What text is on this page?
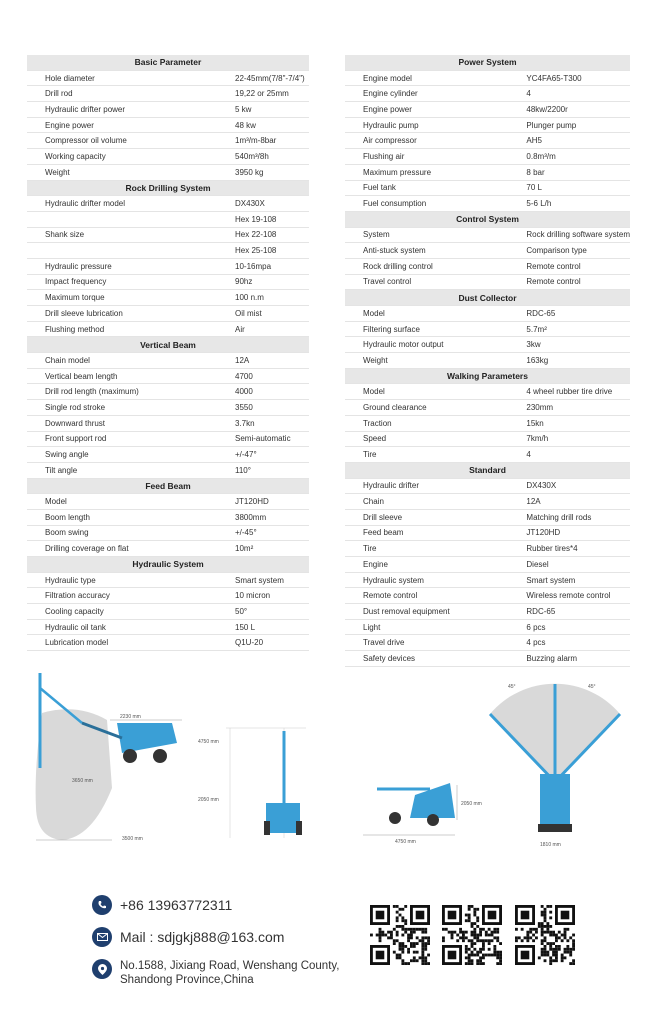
Basic Parameter	
Hole diameter	22-45mm(7/8"-7/4")
Drill rod	19,22 or 25mm
Hydraulic drifter power	5 kw
Engine power	48 kw
Compressor oil volume	1m³/m-8bar
Working capacity	540m³/8h
Weight	3950 kg
Rock Drilling System	
Hydraulic drifter model	DX430X
	Hex 19-108
Shank size	Hex 22-108
	Hex 25-108
Hydraulic pressure	10-16mpa
Impact frequency	90hz
Maximum torque	100 n.m
Drill sleeve lubrication	Oil mist
Flushing method	Air
Vertical Beam	
Chain model	12A
Vertical beam length	4700
Drill rod length (maximum)	4000
Single rod stroke	3550
Downward thrust	3.7kn
Front support rod	Semi-automatic
Swing angle	+/-47°
Tilt angle	110°
Feed Beam	
Model	JT120HD
Boom length	3800mm
Boom swing	+/-45°
Drilling coverage on flat	10m²
Hydraulic System	
Hydraulic type	Smart system
Filtration accuracy	10 micron
Cooling capacity	50°
Hydraulic oil tank	150 L
Lubrication model	Q1U-20
Power System	
Engine model	YC4FA65-T300
Engine cylinder	4
Engine power	48kw/2200r
Hydraulic pump	Plunger pump
Air compressor	AH5
Flushing air	0.8m³/m
Maximum pressure	8 bar
Fuel tank	70 L
Fuel consumption	5-6 L/h
Control System	
System	Rock drilling software system
Anti-stuck system	Comparison type
Rock drilling control	Remote control
Travel control	Remote control
Dust Collector	
Model	RDC-65
Filtering surface	5.7m²
Hydraulic motor output	3kw
Weight	163kg
Walking Parameters	
Model	4 wheel rubber tire drive
Ground clearance	230mm
Traction	15kn
Speed	7km/h
Tire	4
Standard	
Hydraulic drifter	DX430X
Chain	12A
Drill sleeve	Matching drill rods
Feed beam	JT120HD
Tire	Rubber tires*4
Engine	Diesel
Hydraulic system	Smart system
Remote control	Wireless remote control
Dust removal equipment	RDC-65
Light	6 pcs
Travel drive	4 pcs
Safety devices	Buzzing alarm
2230 mm
3650 mm
3500 mm
4750 mm
2050 mm
2050 mm
4750 mm
45°	45°
1810 mm
+86 13963772311
Mail : sdjgkj888@163.com
No.1588, Jixiang Road, Wenshang County,
Shandong Province,China
